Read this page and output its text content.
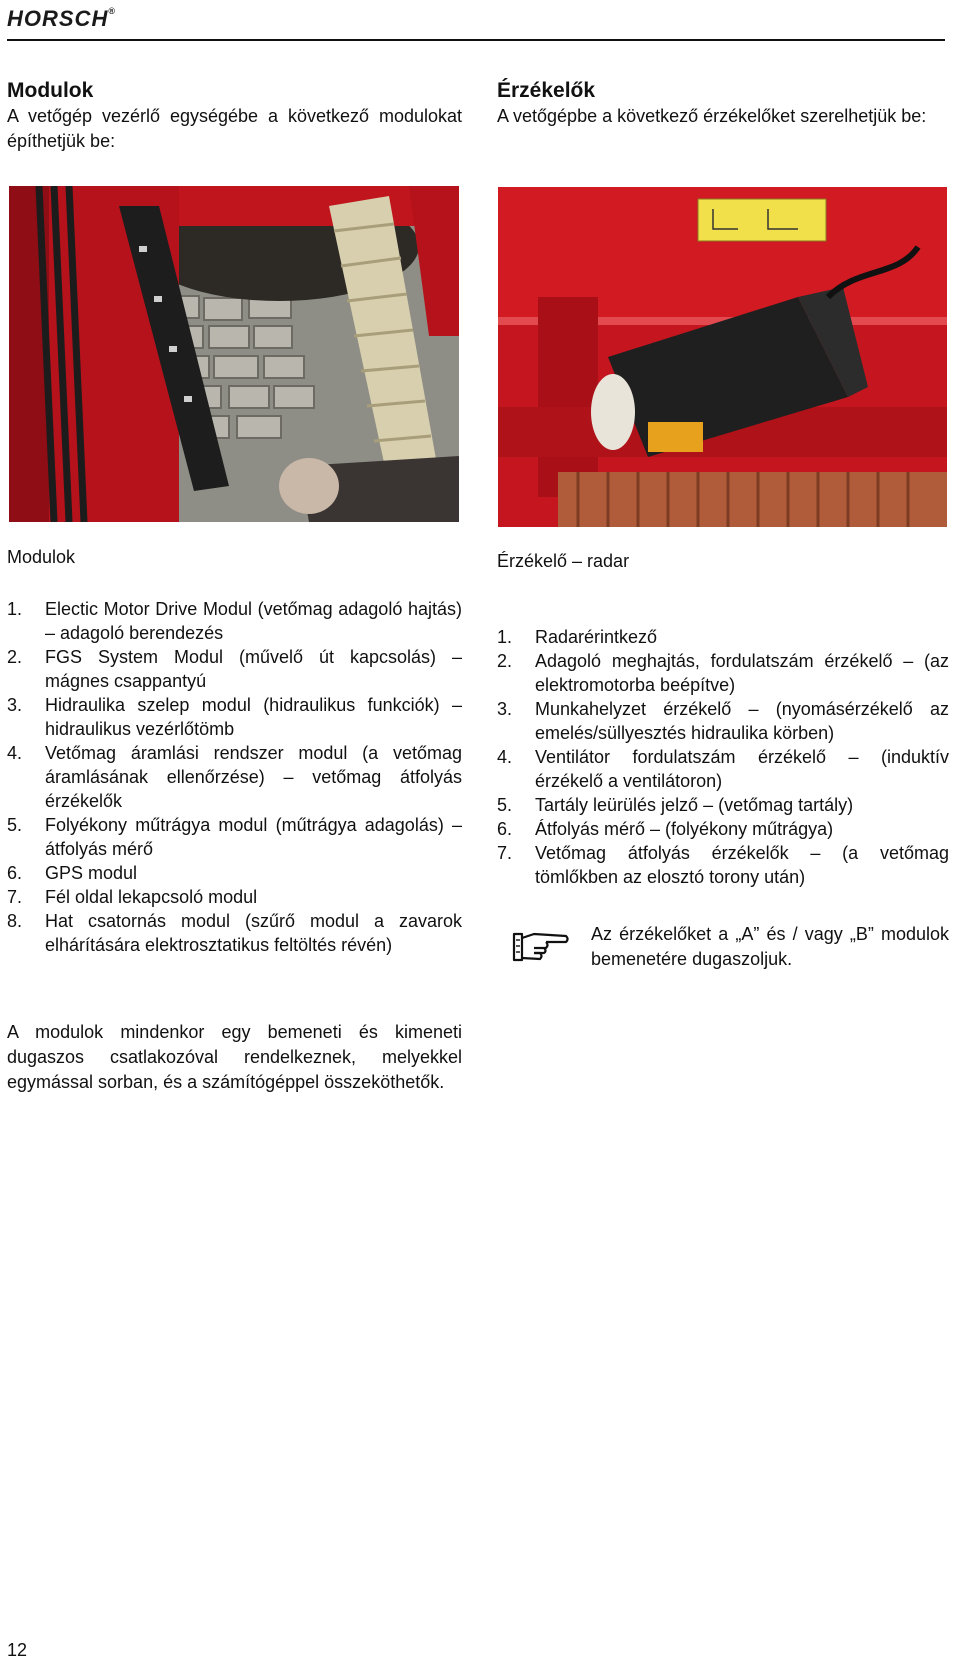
HORSCH®
Modulok

A vetőgép vezérlő egységébe a következő modulokat építhetjük be:

Érzékelők

A vetőgépbe a következő érzékelőket szerelhetjük be:

Modulok	Érzékelő – radar
1. Electic Motor Drive Modul (vetőmag adagoló hajtás) – adagoló berendezés
2. FGS System Modul (művelő út kapcsolás) – mágnes csappantyú
3. Hidraulika szelep modul (hidraulikus funkciók) – hidraulikus vezérlőtömb
4. Vetőmag áramlási rendszer modul (a vetőmag áramlásának ellenőrzése) – vetőmag átfolyás érzékelők
5. Folyékony műtrágya modul (műtrágya adagolás) – átfolyás mérő
6. GPS modul
7. Fél oldal lekapcsoló modul
8. Hat csatornás modul (szűrő modul a zavarok elhárítására elektrosztatikus feltöltés révén)
1. Radarérintkező
2. Adagoló meghajtás, fordulatszám érzékelő – (az elektromotorba beépítve)
3. Munkahelyzet érzékelő – (nyomásérzékelő az emelés/süllyesztés hidraulika körben)
4. Ventilátor fordulatszám érzékelő – (induktív érzékelő a ventilátoron)
5. Tartály leürülés jelző – (vetőmag tartály)
6. Átfolyás mérő – (folyékony műtrágya)
7. Vetőmag átfolyás érzékelők – (a vetőmag tömlőkben az elosztó torony után)
Az érzékelőket a „A” és / vagy „B” modulok bemenetére dugaszoljuk.

A modulok mindenkor egy bemeneti és kimeneti dugaszos csatlakozóval rendelkeznek, melyekkel egymással sorban, és a számítógéppel összeköthetők.

12
